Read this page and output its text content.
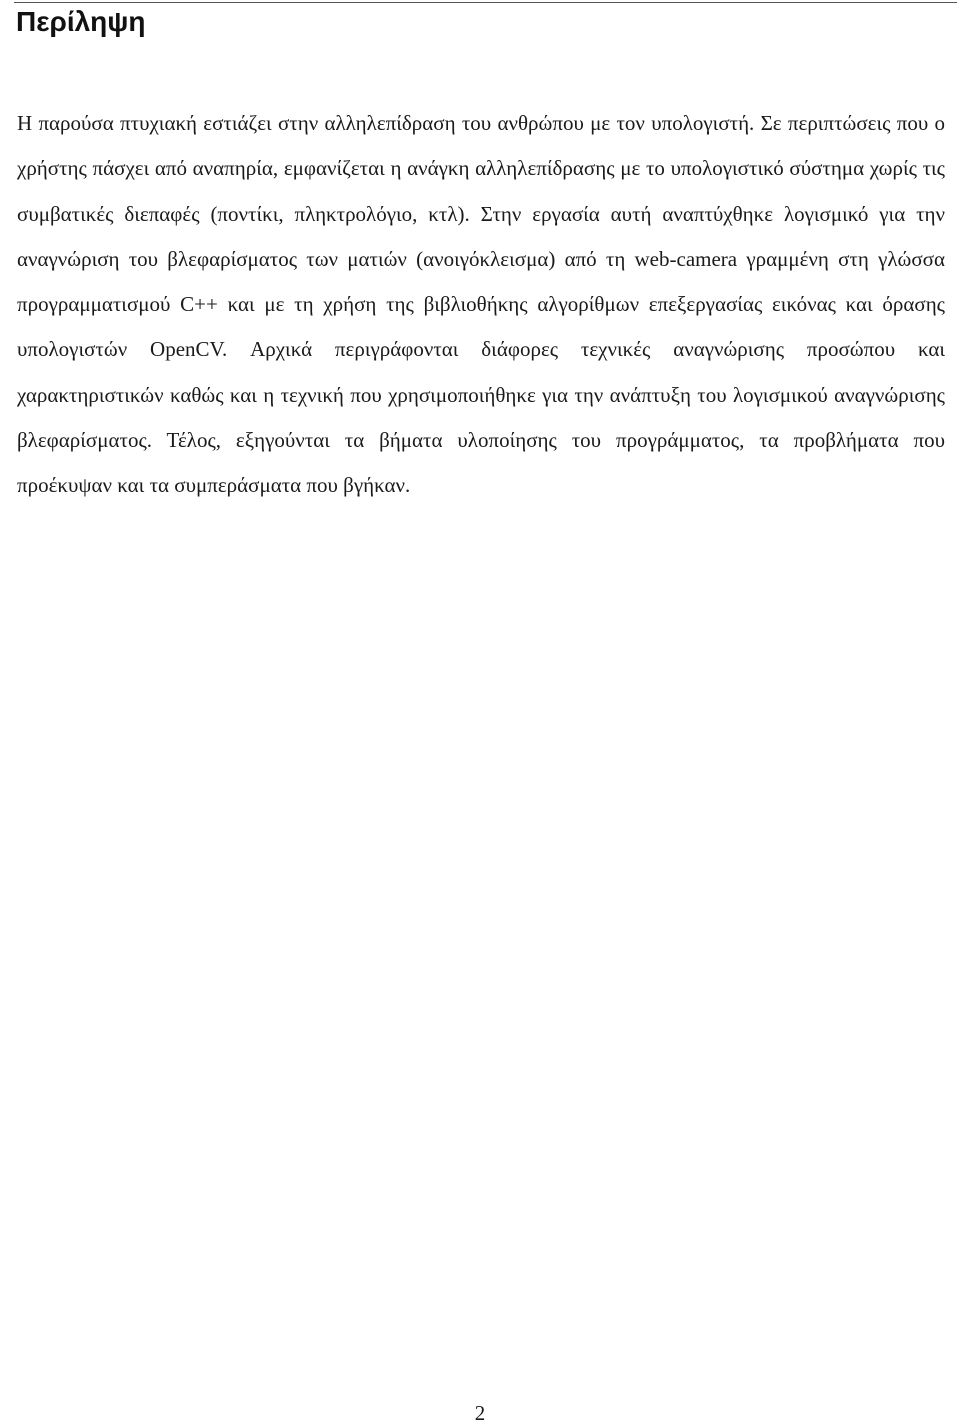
Περίληψη

Η παρούσα πτυχιακή εστιάζει στην αλληλεπίδραση του ανθρώπου με τον υπολογιστή. Σε περιπτώσεις που ο χρήστης πάσχει από αναπηρία, εμφανίζεται η ανάγκη αλληλεπίδρασης με το υπολογιστικό σύστημα χωρίς τις συμβατικές διεπαφές (ποντίκι, πληκτρολόγιο, κτλ). Στην εργασία αυτή αναπτύχθηκε λογισμικό για την αναγνώριση του βλεφαρίσματος των ματιών (ανοιγόκλεισμα) από τη web-camera γραμμένη στη γλώσσα προγραμματισμού C++ και με τη χρήση της βιβλιοθήκης αλγορίθμων επεξεργασίας εικόνας και όρασης υπολογιστών OpenCV. Αρχικά περιγράφονται διάφορες τεχνικές αναγνώρισης προσώπου και χαρακτηριστικών καθώς και η τεχνική που χρησιμοποιήθηκε για την ανάπτυξη του λογισμικού αναγνώρισης βλεφαρίσματος. Τέλος, εξηγούνται τα βήματα υλοποίησης του προγράμματος, τα προβλήματα που προέκυψαν και τα συμπεράσματα που βγήκαν.

2
